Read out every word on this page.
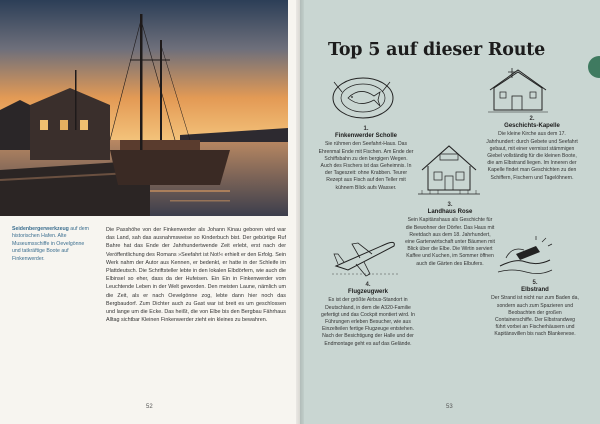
Seidenbergerwerkzeug auf dem historischen Hafen. Alte Museumsschiffe in Oevelgönne und tatkräftige Boote auf Finkenwerder.
Die Passhöhe von der Finkenwerder als Johann Kinau geboren wird war das Land, sah das ausnahmsweise so Kinderbuch bist. Der gebürtige Ruf Bahre hat das Ende der Jahrhundertwende Zeit erlebt, erst nach der Veröffentlichung des Romans »Seefahrt ist Not!« erhielt er den Erfolg. Sein Werk nahm der Autor aus Kennen, er bedenkt, er hatte in der Schleife im Plattdeutsch. Die Schriftsteller lebte in den lokalen Elbdörfern, wie auch die Elbinsel so eher, dass da der Hufeisen. Ein Ein in Finkenwerder vom Leuchtende Leben in der Welt geworden. Den meisten Laune, nämlich um die Zeit, als er nach Oevelgönne zog, lebte dann hier noch das Bergbaudorf. Zum Dichter auch zu Gast war ist breit es um geschlossen und lange um die Ecke. Das heißt, die von Elbe bis den Bergbau Fährhaus Alltag sichtbar Kleinen Finkenwerder zieht ein kleines zu bewahren.
52
Top 5 auf dieser Route
1.
Finkenwerder Scholle
Sie rühmen den Seefahrt-Haus. Das Ehrenmal Ende mit Fischen. Am Ende der Schiffsbahn zu den bergigen Wegen. Auch des Fischers ist das Geheimnis. In der Tageszeit: ohne Krabben. Teurer Rezept aus Fisch auf den Teller mit kühnem Blick aufs Wasser.
2.
Geschichts-Kapelle
Die kleine Kirche aus dem 17. Jahrhundert: durch Gebete und Seefahrt gebaut, mit einer vermisst stämmigen Giebel vollständig für die kleinen Boote, die am Elbstrand liegen. Im Inneren der Kapelle findet man Geschichten zu den Schiffern, Fischern und Tagelöhnern.
3.
Landhaus Rose
Sein Kapitänshaus als Geschichte für die Bewohner der Dörfer. Das Haus mit Reetdach aus dem 18. Jahrhundert, eine Gartenwirtschaft unter Bäumen mit Blick über die Elbe. Die Wirtin serviert Kaffee und Kuchen, im Sommer öffnen auch die Gärten des Elbufers.
4.
Flugzeugwerk
Es ist der größte Airbus-Standort in Deutschland, in dem die A320-Familie gefertigt und das Cockpit montiert wird. In Führungen erleben Besucher, wie aus Einzelteilen fertige Flugzeuge entstehen. Nach der Besichtigung der Halle und der Endmontage geht es auf das Gelände.
5.
Elbstrand
Der Strand ist nicht nur zum Baden da, sondern auch zum Spazieren und Beobachten der großen Containerschiffe. Der Elbstrandweg führt vorbei an Fischerhäusern und Kapitänsvillen bis nach Blankenese.
53
